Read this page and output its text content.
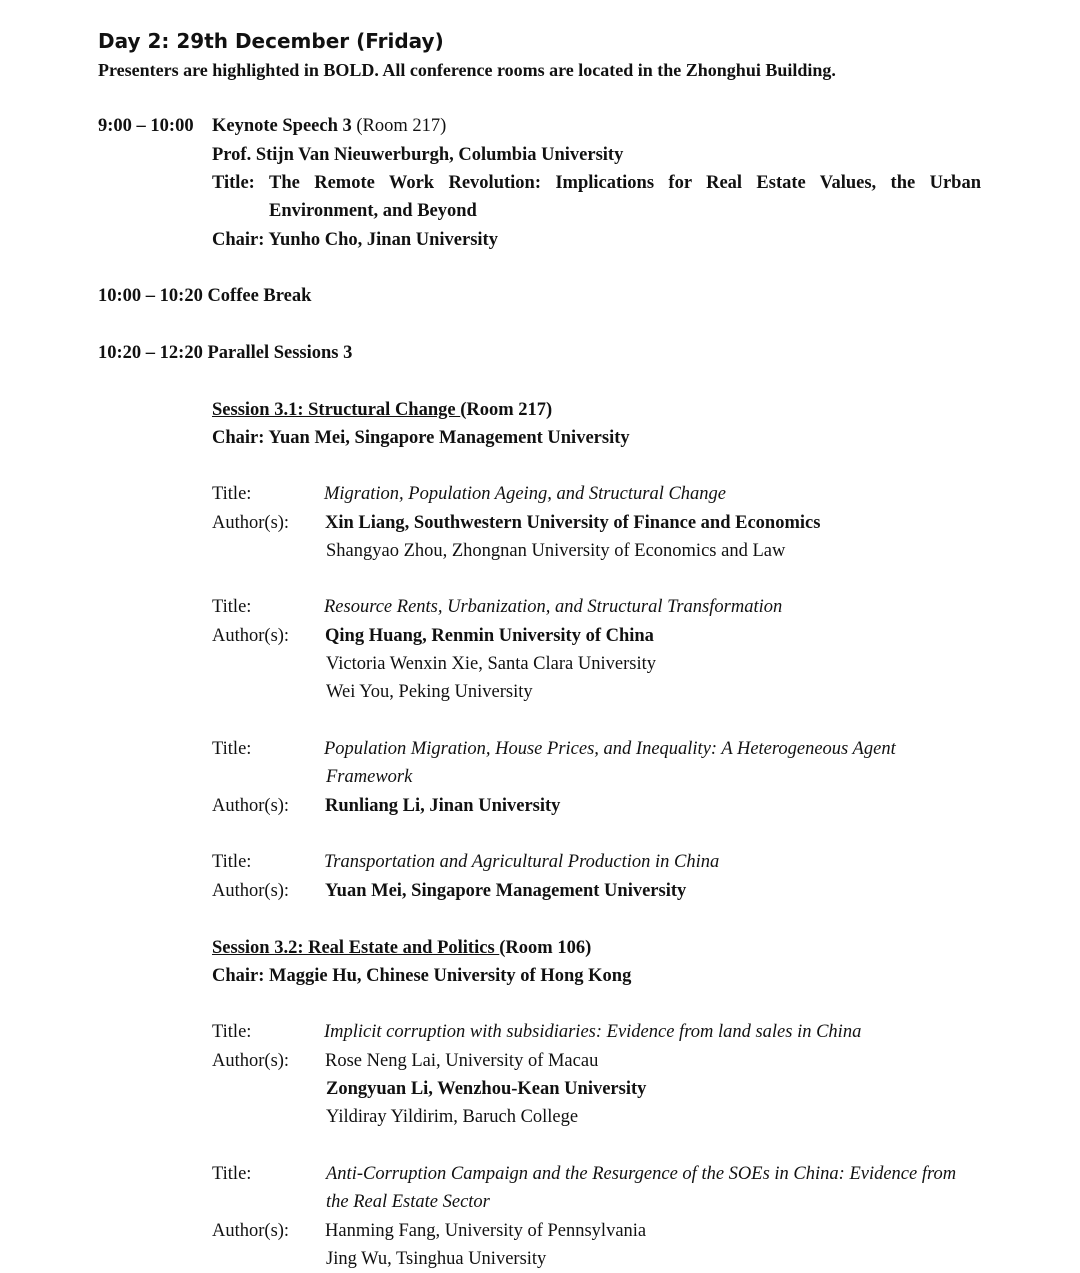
Day 2: 29th December (Friday)
Presenters are highlighted in BOLD. All conference rooms are located in the Zhonghui Building.
9:00 – 10:00 Keynote Speech 3 (Room 217)
Prof. Stijn Van Nieuwerburgh, Columbia University
Title: The Remote Work Revolution: Implications for Real Estate Values, the Urban
Environment, and Beyond
Chair: Yunho Cho, Jinan University
10:00 – 10:20 Coffee Break
10:20 – 12:20 Parallel Sessions 3
Session 3.1: Structural Change (Room 217)
Chair: Yuan Mei, Singapore Management University
Title:	Migration, Population Ageing, and Structural Change
Author(s): Xin Liang, Southwestern University of Finance and Economics
Shangyao Zhou, Zhongnan University of Economics and Law
Title:	Resource Rents, Urbanization, and Structural Transformation
Author(s): Qing Huang, Renmin University of China
Victoria Wenxin Xie, Santa Clara University
Wei You, Peking University
Title:	Population Migration, House Prices, and Inequality: A Heterogeneous Agent
Framework
Author(s): Runliang Li, Jinan University
Title:	Transportation and Agricultural Production in China
Author(s): Yuan Mei, Singapore Management University
Session 3.2: Real Estate and Politics (Room 106)
Chair: Maggie Hu, Chinese University of Hong Kong
Title:	Implicit corruption with subsidiaries: Evidence from land sales in China
Author(s): Rose Neng Lai, University of Macau
Zongyuan Li, Wenzhou-Kean University
Yildiray Yildirim, Baruch College
Title:	Anti-Corruption Campaign and the Resurgence of the SOEs in China: Evidence from
the Real Estate Sector
Author(s): Hanming Fang, University of Pennsylvania
Jing Wu, Tsinghua University
